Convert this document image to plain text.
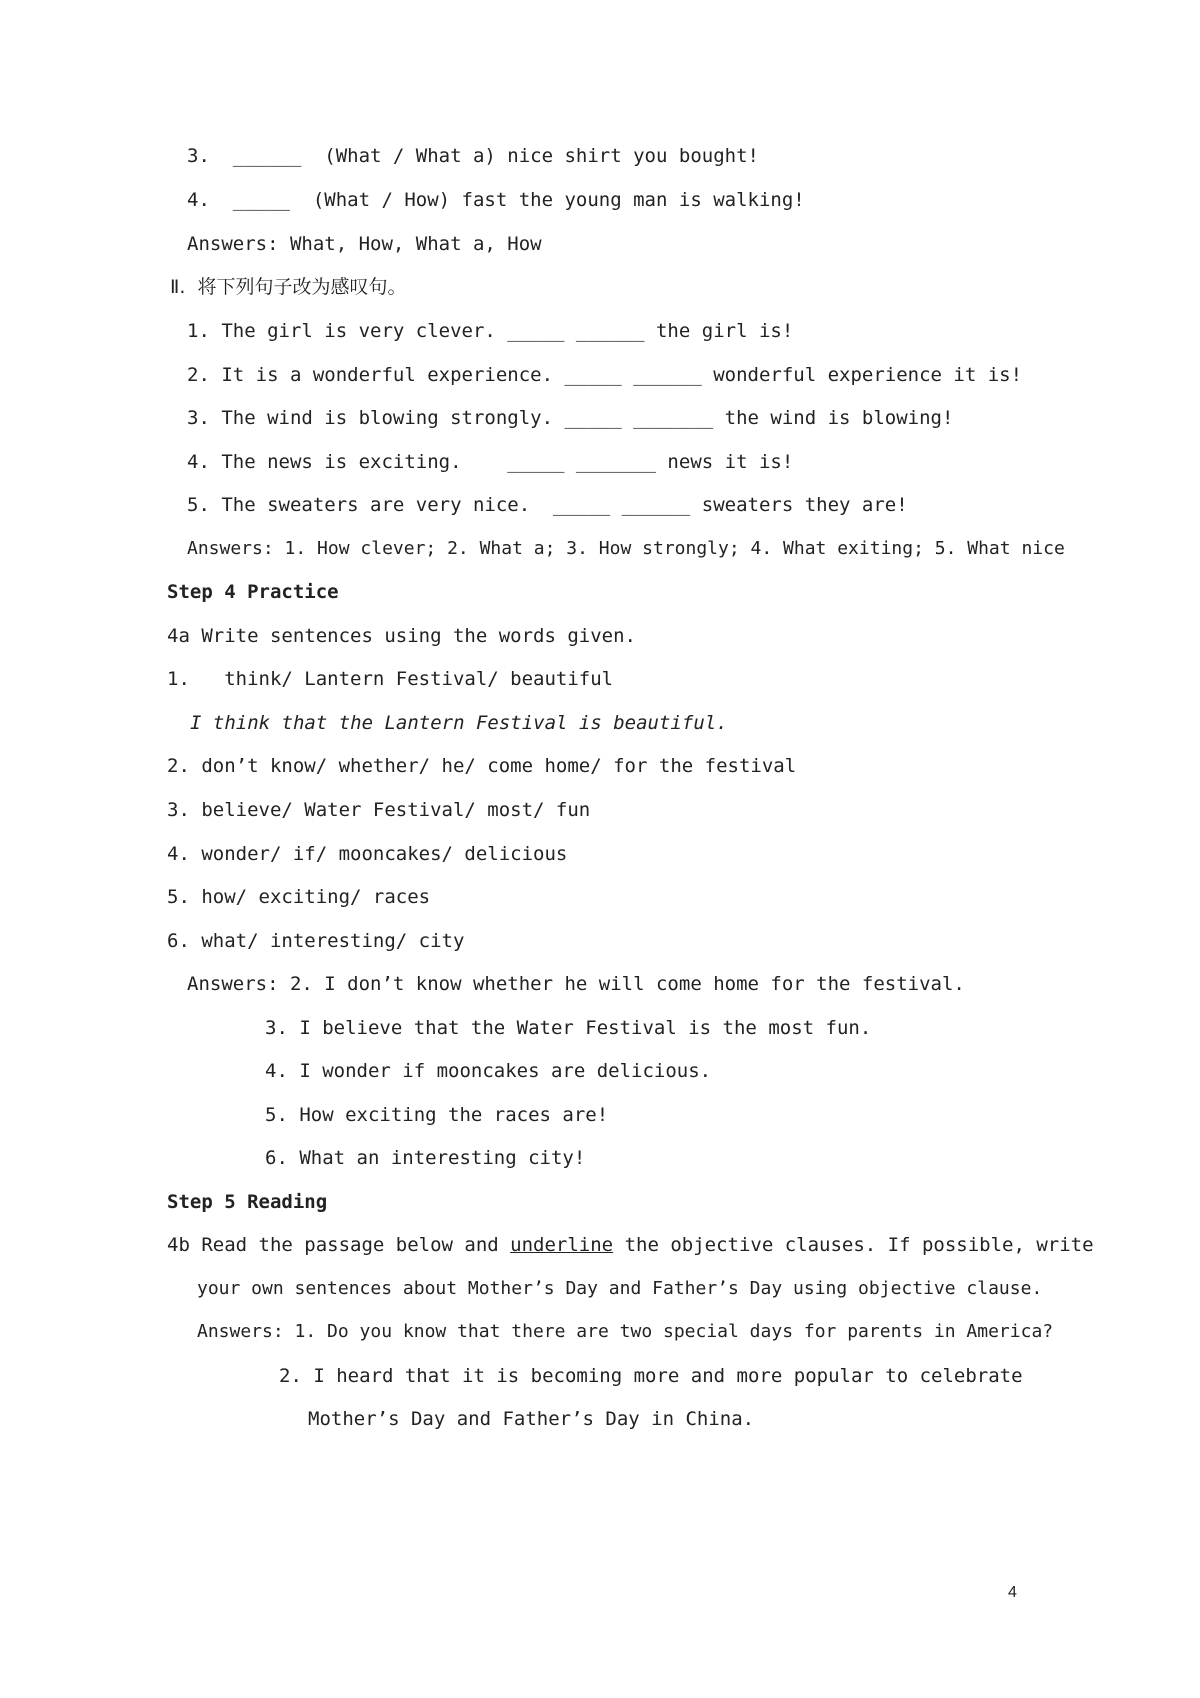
3.  ______  (What / What a) nice shirt you bought!
4.  _____  (What / How) fast the young man is walking!
Answers: What, How, What a, How
Ⅱ.  将下列句子改为感叹句。
1. The girl is very clever. _____ ______ the girl is!
2. It is a wonderful experience. _____ ______ wonderful experience it is!
3. The wind is blowing strongly. _____ _______ the wind is blowing!
4. The news is exciting.    _____ _______ news it is!
5. The sweaters are very nice.  _____ ______ sweaters they are!
Answers: 1. How clever; 2. What a; 3. How strongly; 4. What exiting; 5. What nice
Step 4 Practice
4a Write sentences using the words given.
1.   think/ Lantern Festival/ beautiful
I think that the Lantern Festival is beautiful.
2. don’t know/ whether/ he/ come home/ for the festival
3. believe/ Water Festival/ most/ fun
4. wonder/ if/ mooncakes/ delicious
5. how/ exciting/ races
6. what/ interesting/ city
Answers: 2. I don’t know whether he will come home for the festival.
3. I believe that the Water Festival is the most fun.
4. I wonder if mooncakes are delicious.
5. How exciting the races are!
6. What an interesting city!
Step 5 Reading
4b Read the passage below and underline the objective clauses. If possible, write
your own sentences about Mother’s Day and Father’s Day using objective clause.
Answers: 1. Do you know that there are two special days for parents in America?
2. I heard that it is becoming more and more popular to celebrate
Mother’s Day and Father’s Day in China.
4
